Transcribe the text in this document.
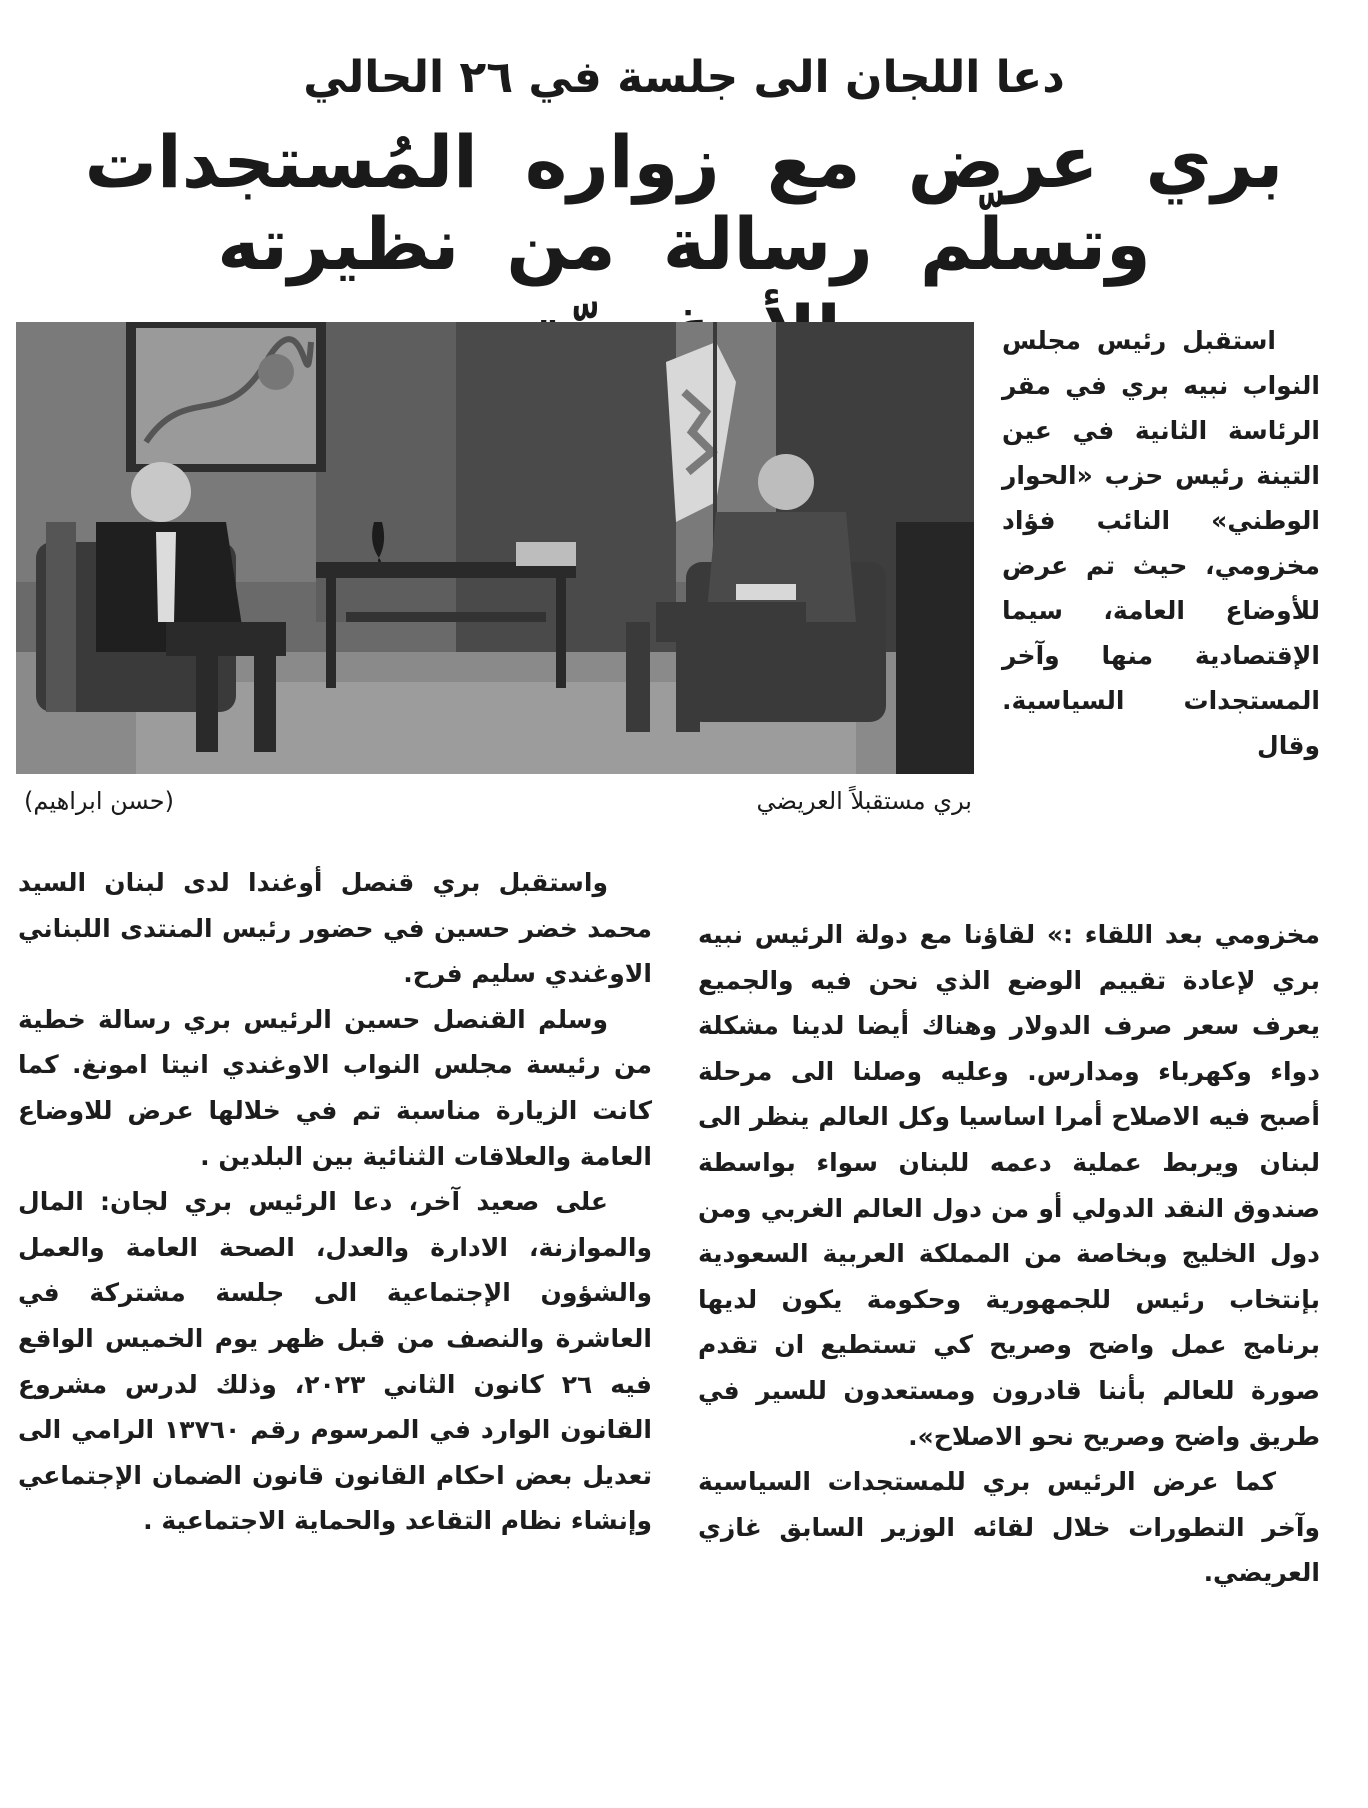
دعا اللجان الى جلسة في ٢٦ الحالي
بري عرض مع زواره المُستجدات
وتسلّم رسالة من نظيرته
بري مستقبلاً العريضي
(حسن ابراهيم)

استقبل رئيس مجلس النواب نبيه بري في مقر الرئاسة الثانية في عين التينة رئيس حزب «الحوار الوطني» النائب فؤاد مخزومي، حيث تم عرض للأوضاع العامة، سيما الإقتصادية منها وآخر المستجدات السياسية. وقال

مخزومي بعد اللقاء :» لقاؤنا مع دولة الرئيس نبيه بري لإعادة تقييم الوضع الذي نحن فيه والجميع يعرف سعر صرف الدولار وهناك أيضا لدينا مشكلة دواء وكهرباء ومدارس. وعليه وصلنا الى مرحلة أصبح فيه الاصلاح أمرا اساسيا وكل العالم ينظر الى لبنان ويربط عملية دعمه للبنان سواء بواسطة صندوق النقد الدولي أو من دول العالم الغربي ومن دول الخليج وبخاصة من المملكة العربية السعودية بإنتخاب رئيس للجمهورية وحكومة يكون لديها برنامج عمل واضح وصريح كي تستطيع ان تقدم صورة للعالم بأننا قادرون ومستعدون للسير في طريق واضح وصريح نحو الاصلاح».

كما عرض الرئيس بري للمستجدات السياسية وآخر التطورات خلال لقائه الوزير السابق غازي العريضي.

واستقبل بري قنصل أوغندا لدى لبنان السيد محمد خضر حسين في حضور رئيس المنتدى اللبناني الاوغندي سليم فرح.

وسلم القنصل حسين الرئيس بري رسالة خطية من رئيسة مجلس النواب الاوغندي انيتا امونغ. كما كانت الزيارة مناسبة تم في خلالها عرض للاوضاع العامة والعلاقات الثنائية بين البلدين .

على صعيد آخر، دعا الرئيس بري لجان: المال والموازنة، الادارة والعدل، الصحة العامة والعمل والشؤون الإجتماعية الى جلسة مشتركة في العاشرة والنصف من قبل ظهر يوم الخميس الواقع فيه ٢٦ كانون الثاني ٢٠٢٣، وذلك لدرس مشروع القانون الوارد في المرسوم رقم ١٣٧٦٠ الرامي الى تعديل بعض احكام القانون قانون الضمان الإجتماعي وإنشاء نظام التقاعد والحماية الاجتماعية .
